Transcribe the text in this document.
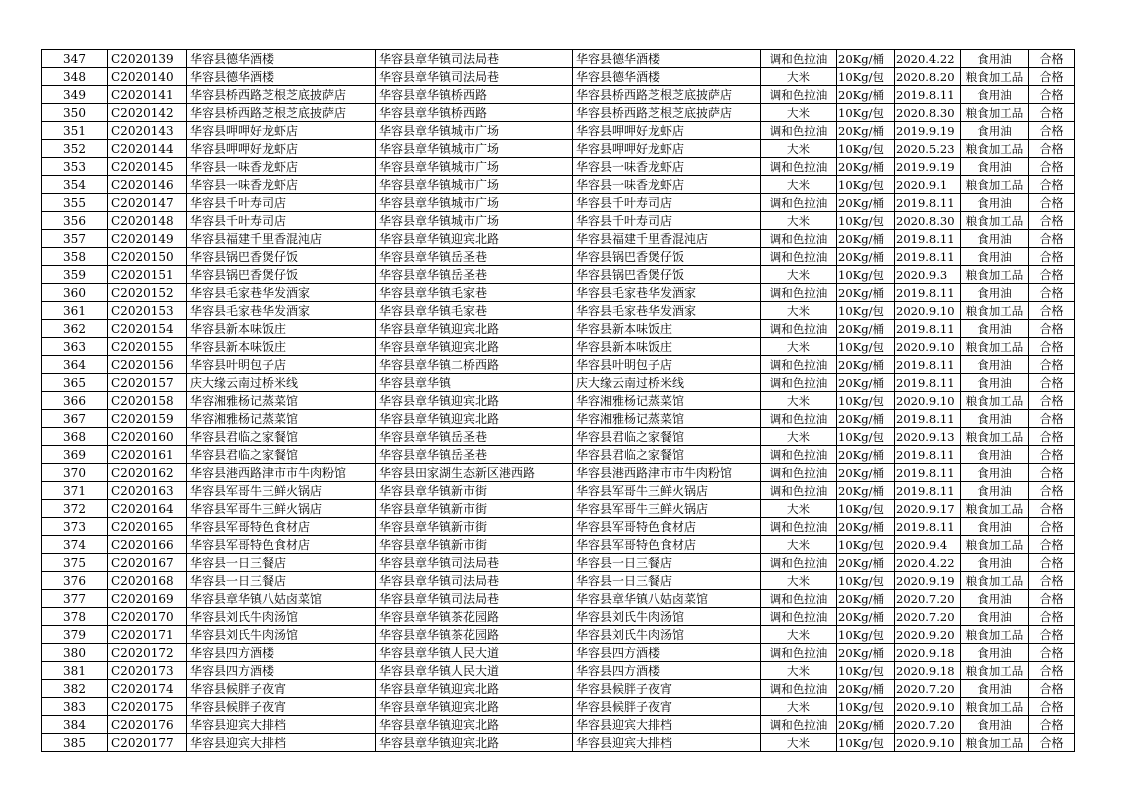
347	C2020139	华容县德华酒楼	华容县章华镇司法局巷	华容县德华酒楼	调和色拉油	20Kg/桶	2020.4.22	食用油	合格
348	C2020140	华容县德华酒楼	华容县章华镇司法局巷	华容县德华酒楼	大米	10Kg/包	2020.8.20	粮食加工品	合格
349	C2020141	华容县桥西路芝根芝底披萨店	华容县章华镇桥西路	华容县桥西路芝根芝底披萨店	调和色拉油	20Kg/桶	2019.8.11	食用油	合格
350	C2020142	华容县桥西路芝根芝底披萨店	华容县章华镇桥西路	华容县桥西路芝根芝底披萨店	大米	10Kg/包	2020.8.30	粮食加工品	合格
351	C2020143	华容县呷呷好龙虾店	华容县章华镇城市广场	华容县呷呷好龙虾店	调和色拉油	20Kg/桶	2019.9.19	食用油	合格
352	C2020144	华容县呷呷好龙虾店	华容县章华镇城市广场	华容县呷呷好龙虾店	大米	10Kg/包	2020.5.23	粮食加工品	合格
353	C2020145	华容县一味香龙虾店	华容县章华镇城市广场	华容县一味香龙虾店	调和色拉油	20Kg/桶	2019.9.19	食用油	合格
354	C2020146	华容县一味香龙虾店	华容县章华镇城市广场	华容县一味香龙虾店	大米	10Kg/包	2020.9.1	粮食加工品	合格
355	C2020147	华容县千叶寿司店	华容县章华镇城市广场	华容县千叶寿司店	调和色拉油	20Kg/桶	2019.8.11	食用油	合格
356	C2020148	华容县千叶寿司店	华容县章华镇城市广场	华容县千叶寿司店	大米	10Kg/包	2020.8.30	粮食加工品	合格
357	C2020149	华容县福建千里香混沌店	华容县章华镇迎宾北路	华容县福建千里香混沌店	调和色拉油	20Kg/桶	2019.8.11	食用油	合格
358	C2020150	华容县锅巴香煲仔饭	华容县章华镇岳圣巷	华容县锅巴香煲仔饭	调和色拉油	20Kg/桶	2019.8.11	食用油	合格
359	C2020151	华容县锅巴香煲仔饭	华容县章华镇岳圣巷	华容县锅巴香煲仔饭	大米	10Kg/包	2020.9.3	粮食加工品	合格
360	C2020152	华容县毛家巷华发酒家	华容县章华镇毛家巷	华容县毛家巷华发酒家	调和色拉油	20Kg/桶	2019.8.11	食用油	合格
361	C2020153	华容县毛家巷华发酒家	华容县章华镇毛家巷	华容县毛家巷华发酒家	大米	10Kg/包	2020.9.10	粮食加工品	合格
362	C2020154	华容县新本味饭庄	华容县章华镇迎宾北路	华容县新本味饭庄	调和色拉油	20Kg/桶	2019.8.11	食用油	合格
363	C2020155	华容县新本味饭庄	华容县章华镇迎宾北路	华容县新本味饭庄	大米	10Kg/包	2020.9.10	粮食加工品	合格
364	C2020156	华容县叶明包子店	华容县章华镇二桥西路	华容县叶明包子店	调和色拉油	20Kg/桶	2019.8.11	食用油	合格
365	C2020157	庆大缘云南过桥米线	华容县章华镇	庆大缘云南过桥米线	调和色拉油	20Kg/桶	2019.8.11	食用油	合格
366	C2020158	华容湘雅杨记蒸菜馆	华容县章华镇迎宾北路	华容湘雅杨记蒸菜馆	大米	10Kg/包	2020.9.10	粮食加工品	合格
367	C2020159	华容湘雅杨记蒸菜馆	华容县章华镇迎宾北路	华容湘雅杨记蒸菜馆	调和色拉油	20Kg/桶	2019.8.11	食用油	合格
368	C2020160	华容县君临之家餐馆	华容县章华镇岳圣巷	华容县君临之家餐馆	大米	10Kg/包	2020.9.13	粮食加工品	合格
369	C2020161	华容县君临之家餐馆	华容县章华镇岳圣巷	华容县君临之家餐馆	调和色拉油	20Kg/桶	2019.8.11	食用油	合格
370	C2020162	华容县港西路津市市牛肉粉馆	华容县田家湖生态新区港西路	华容县港西路津市市牛肉粉馆	调和色拉油	20Kg/桶	2019.8.11	食用油	合格
371	C2020163	华容县军哥牛三鲜火锅店	华容县章华镇新市街	华容县军哥牛三鲜火锅店	调和色拉油	20Kg/桶	2019.8.11	食用油	合格
372	C2020164	华容县军哥牛三鲜火锅店	华容县章华镇新市街	华容县军哥牛三鲜火锅店	大米	10Kg/包	2020.9.17	粮食加工品	合格
373	C2020165	华容县军哥特色食材店	华容县章华镇新市街	华容县军哥特色食材店	调和色拉油	20Kg/桶	2019.8.11	食用油	合格
374	C2020166	华容县军哥特色食材店	华容县章华镇新市街	华容县军哥特色食材店	大米	10Kg/包	2020.9.4	粮食加工品	合格
375	C2020167	华容县一日三餐店	华容县章华镇司法局巷	华容县一日三餐店	调和色拉油	20Kg/桶	2020.4.22	食用油	合格
376	C2020168	华容县一日三餐店	华容县章华镇司法局巷	华容县一日三餐店	大米	10Kg/包	2020.9.19	粮食加工品	合格
377	C2020169	华容县章华镇八姑卤菜馆	华容县章华镇司法局巷	华容县章华镇八姑卤菜馆	调和色拉油	20Kg/桶	2020.7.20	食用油	合格
378	C2020170	华容县刘氏牛肉汤馆	华容县章华镇茶花园路	华容县刘氏牛肉汤馆	调和色拉油	20Kg/桶	2020.7.20	食用油	合格
379	C2020171	华容县刘氏牛肉汤馆	华容县章华镇茶花园路	华容县刘氏牛肉汤馆	大米	10Kg/包	2020.9.20	粮食加工品	合格
380	C2020172	华容县四方酒楼	华容县章华镇人民大道	华容县四方酒楼	调和色拉油	20Kg/桶	2020.9.18	食用油	合格
381	C2020173	华容县四方酒楼	华容县章华镇人民大道	华容县四方酒楼	大米	10Kg/包	2020.9.18	粮食加工品	合格
382	C2020174	华容县候胖子夜宵	华容县章华镇迎宾北路	华容县候胖子夜宵	调和色拉油	20Kg/桶	2020.7.20	食用油	合格
383	C2020175	华容县候胖子夜宵	华容县章华镇迎宾北路	华容县候胖子夜宵	大米	10Kg/包	2020.9.10	粮食加工品	合格
384	C2020176	华容县迎宾大排档	华容县章华镇迎宾北路	华容县迎宾大排档	调和色拉油	20Kg/桶	2020.7.20	食用油	合格
385	C2020177	华容县迎宾大排档	华容县章华镇迎宾北路	华容县迎宾大排档	大米	10Kg/包	2020.9.10	粮食加工品	合格
